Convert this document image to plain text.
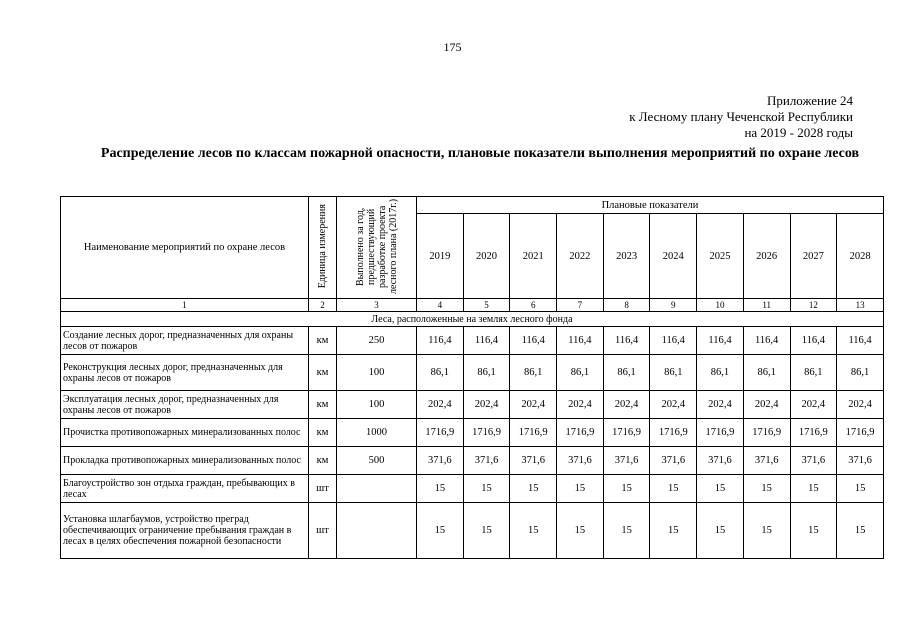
175
Приложение 24
к Лесному плану Чеченской Республики
на 2019 - 2028 годы
Распределение лесов по классам пожарной опасности, плановые показатели выполнения мероприятий по охране лесов
Наименование мероприятий по охране лесов	Единица измерения	Выполнено за год, предшествующий разработке проекта лесного плана (2017г.)	Плановые показатели									
			2019	2020	2021	2022	2023	2024	2025	2026	2027	2028
1	2	3	4	5	6	7	8	9	10	11	12	13
Леса, расположенные на землях лесного фонда												
Создание лесных дорог, предназначенных для охраны лесов от пожаров	км	250	116,4	116,4	116,4	116,4	116,4	116,4	116,4	116,4	116,4	116,4
Реконструкция лесных дорог, предназначенных для охраны лесов от пожаров	км	100	86,1	86,1	86,1	86,1	86,1	86,1	86,1	86,1	86,1	86,1
Эксплуатация лесных дорог, предназначенных для охраны лесов от пожаров	км	100	202,4	202,4	202,4	202,4	202,4	202,4	202,4	202,4	202,4	202,4
Прочистка противопожарных минерализованных полос	км	1000	1716,9	1716,9	1716,9	1716,9	1716,9	1716,9	1716,9	1716,9	1716,9	1716,9
Прокладка противопожарных минерализованных полос	км	500	371,6	371,6	371,6	371,6	371,6	371,6	371,6	371,6	371,6	371,6
Благоустройство зон отдыха граждан, пребывающих в лесах	шт		15	15	15	15	15	15	15	15	15	15
Установка шлагбаумов, устройство преград обеспечивающих ограничение пребывания граждан в лесах в целях обеспечения пожарной безопасности	шт		15	15	15	15	15	15	15	15	15	15
